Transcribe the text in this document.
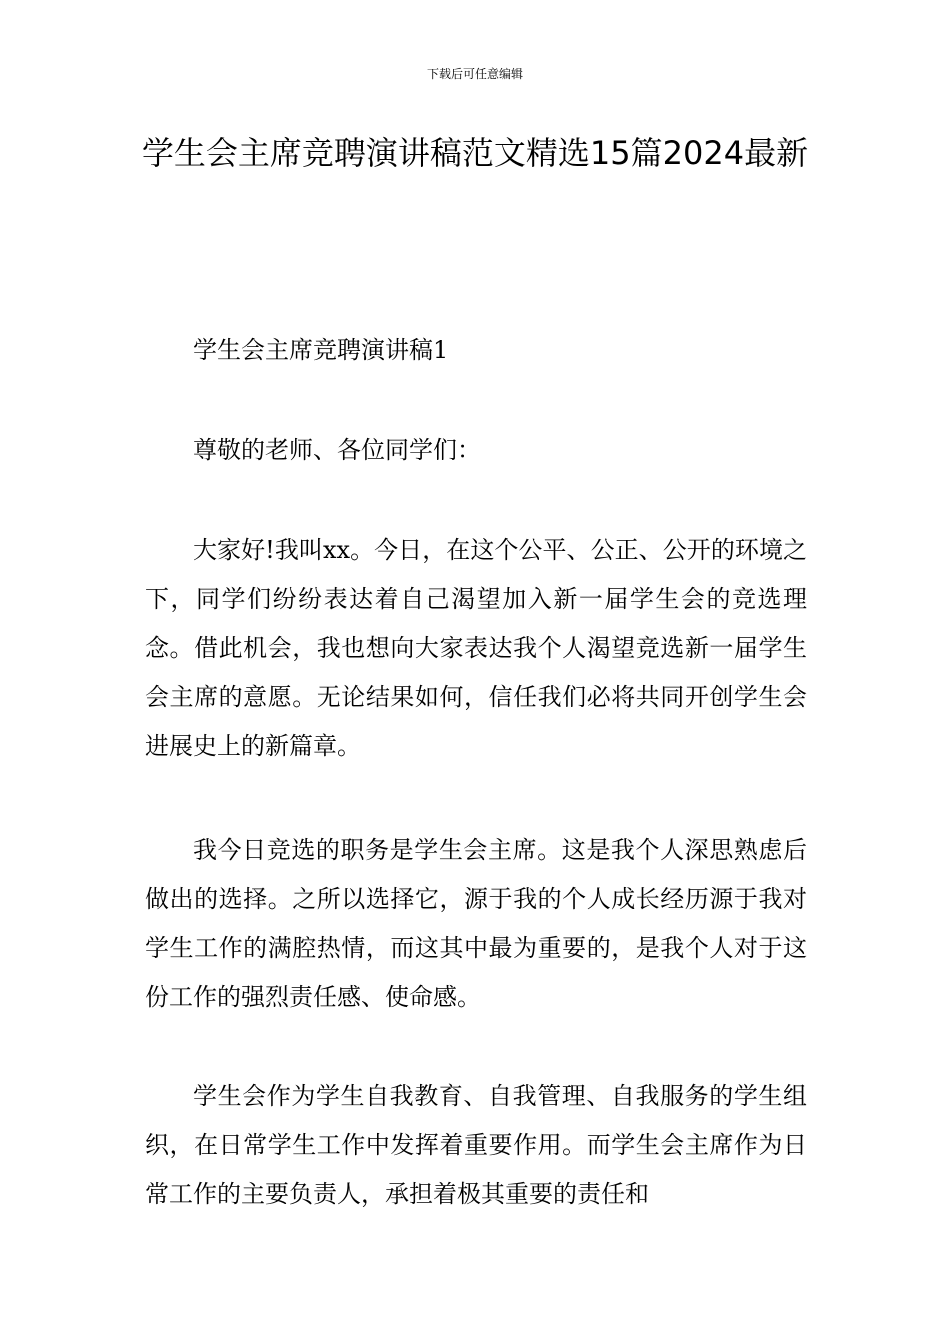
下载后可任意编辑
学生会主席竞聘演讲稿范文精选15篇2024最新

学生会主席竞聘演讲稿1

尊敬的老师、各位同学们：

大家好!我叫xx。今日，在这个公平、公正、公开的环境之下，同学们纷纷表达着自己渴望加入新一届学生会的竞选理念。借此机会，我也想向大家表达我个人渴望竞选新一届学生会主席的意愿。无论结果如何，信任我们必将共同开创学生会进展史上的新篇章。

我今日竞选的职务是学生会主席。这是我个人深思熟虑后做出的选择。之所以选择它，源于我的个人成长经历源于我对学生工作的满腔热情，而这其中最为重要的，是我个人对于这份工作的强烈责任感、使命感。

学生会作为学生自我教育、自我管理、自我服务的学生组织，在日常学生工作中发挥着重要作用。而学生会主席作为日常工作的主要负责人，承担着极其重要的责任和
